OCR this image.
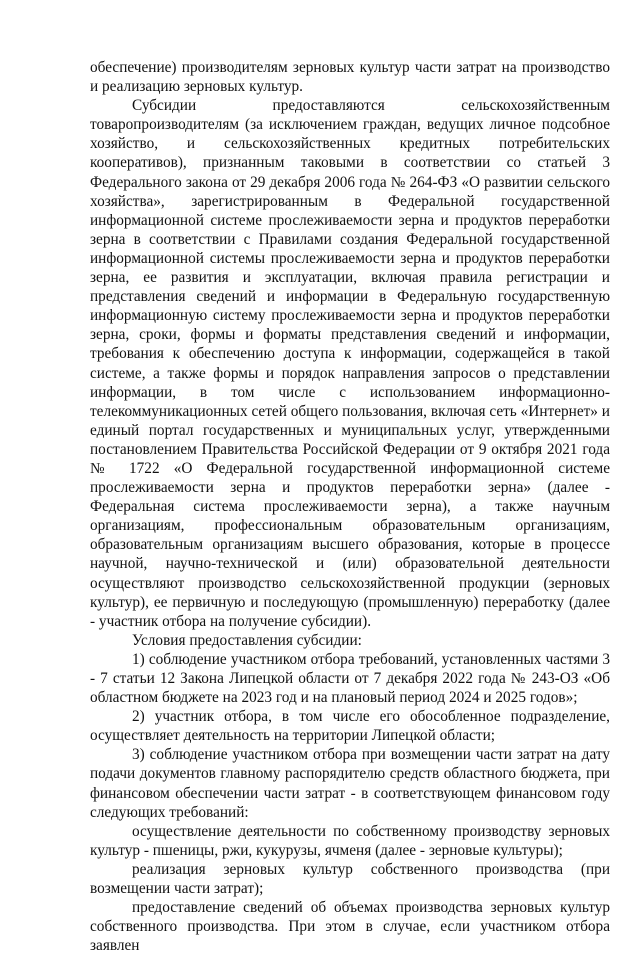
обеспечение) производителям зерновых культур части затрат на производство и реализацию зерновых культур.

Субсидии предоставляются сельскохозяйственным товаропроизводителям (за исключением граждан, ведущих личное подсобное хозяйство, и сельскохозяйственных кредитных потребительских кооперативов), признанным таковыми в соответствии со статьей 3 Федерального закона от 29 декабря 2006 года № 264-ФЗ «О развитии сельского хозяйства», зарегистрированным в Федеральной государственной информационной системе прослеживаемости зерна и продуктов переработки зерна в соответствии с Правилами создания Федеральной государственной информационной системы прослеживаемости зерна и продуктов переработки зерна, ее развития и эксплуатации, включая правила регистрации и представления сведений и информации в Федеральную государственную информационную систему прослеживаемости зерна и продуктов переработки зерна, сроки, формы и форматы представления сведений и информации, требования к обеспечению доступа к информации, содержащейся в такой системе, а также формы и порядок направления запросов о представлении информации, в том числе с использованием информационно-телекоммуникационных сетей общего пользования, включая сеть «Интернет» и единый портал государственных и муниципальных услуг, утвержденными постановлением Правительства Российской Федерации от 9 октября 2021 года № 1722 «О Федеральной государственной информационной системе прослеживаемости зерна и продуктов переработки зерна» (далее - Федеральная система прослеживаемости зерна), а также научным организациям, профессиональным образовательным организациям, образовательным организациям высшего образования, которые в процессе научной, научно-технической и (или) образовательной деятельности осуществляют производство сельскохозяйственной продукции (зерновых культур), ее первичную и последующую (промышленную) переработку (далее - участник отбора на получение субсидии).

Условия предоставления субсидии:

1) соблюдение участником отбора требований, установленных частями 3 - 7 статьи 12 Закона Липецкой области от 7 декабря 2022 года № 243-ОЗ «Об областном бюджете на 2023 год и на плановый период 2024 и 2025 годов»;

2) участник отбора, в том числе его обособленное подразделение, осуществляет деятельность на территории Липецкой области;

3) соблюдение участником отбора при возмещении части затрат на дату подачи документов главному распорядителю средств областного бюджета, при финансовом обеспечении части затрат - в соответствующем финансовом году следующих требований:

осуществление деятельности по собственному производству зерновых культур - пшеницы, ржи, кукурузы, ячменя (далее - зерновые культуры);

реализация зерновых культур собственного производства (при возмещении части затрат);

предоставление сведений об объемах производства зерновых культур собственного производства. При этом в случае, если участником отбора заявлен
